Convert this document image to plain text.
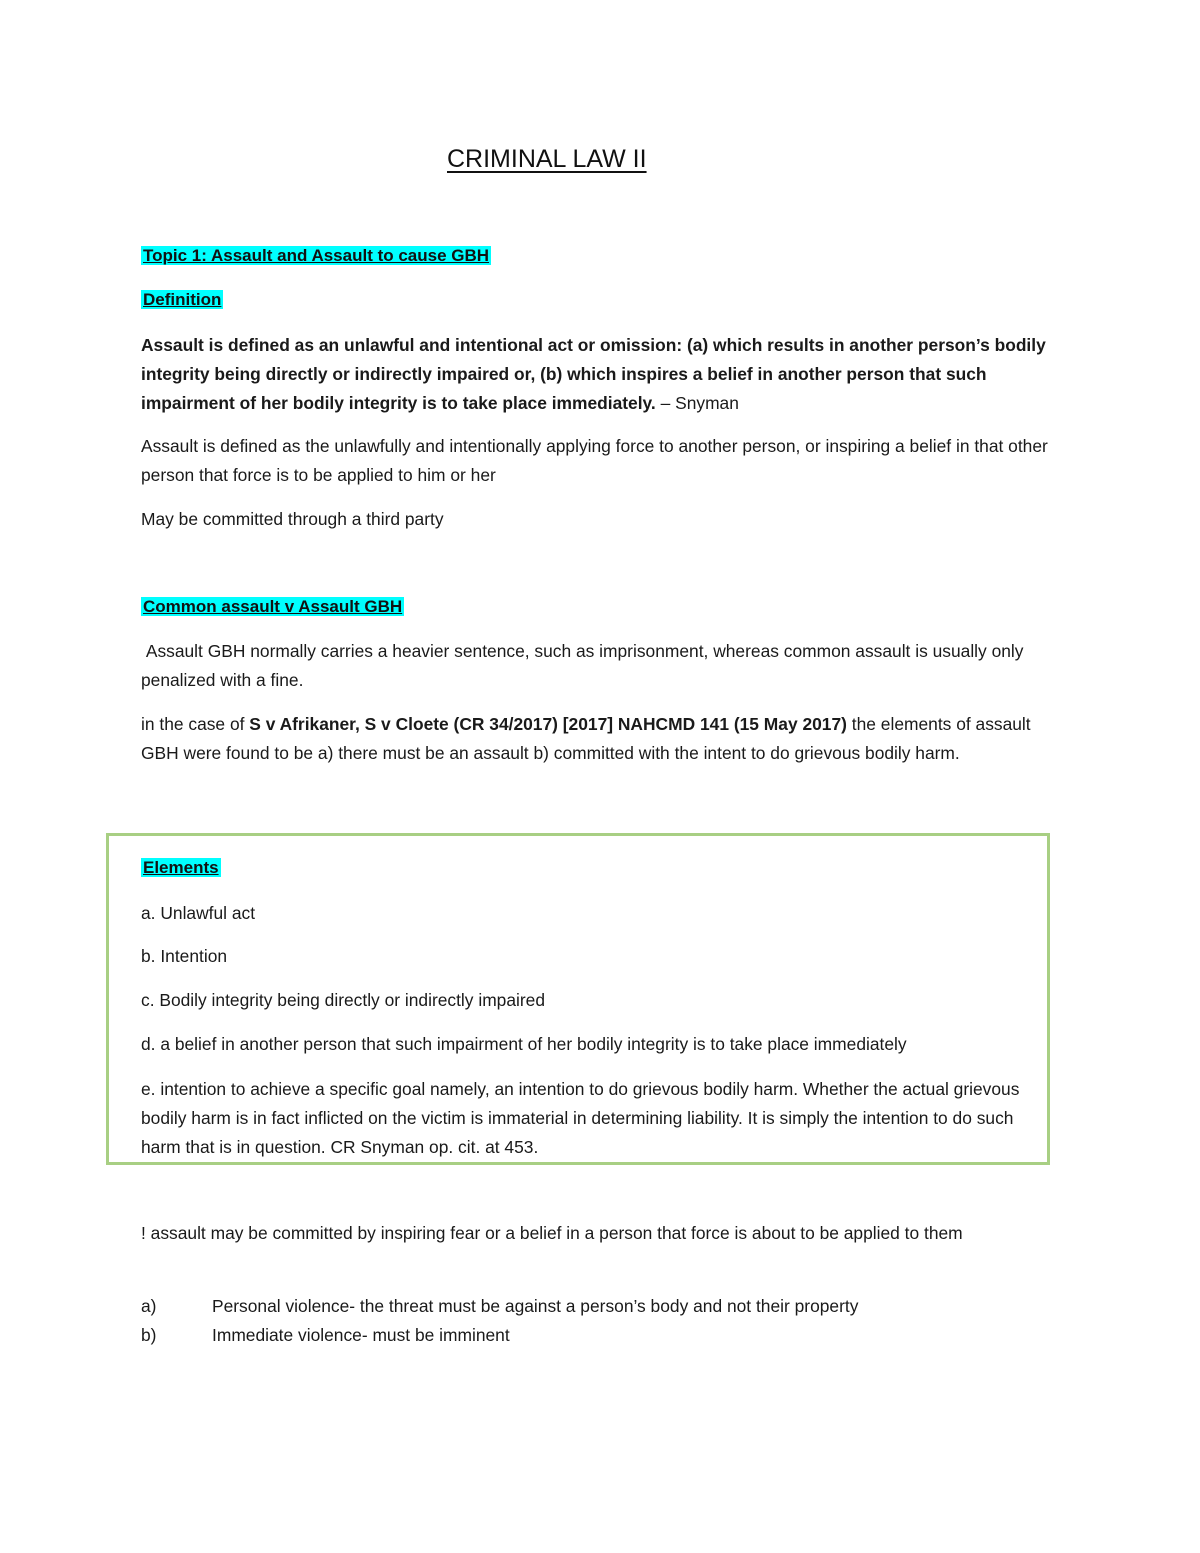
CRIMINAL LAW II
Topic 1: Assault and Assault to cause GBH
Definition
Assault is defined as an unlawful and intentional act or omission: (a) which results in another person’s bodily integrity being directly or indirectly impaired or, (b) which inspires a belief in another person that such impairment of her bodily integrity is to take place immediately. – Snyman
Assault is defined as the unlawfully and intentionally applying force to another person, or inspiring a belief in that other person that force is to be applied to him or her
May be committed through a third party
Common assault v Assault GBH
Assault GBH normally carries a heavier sentence, such as imprisonment, whereas common assault is usually only penalized with a fine.
in the case of S v Afrikaner, S v Cloete (CR 34/2017) [2017] NAHCMD 141 (15 May 2017) the elements of assault GBH were found to be a) there must be an assault b) committed with the intent to do grievous bodily harm.
Elements
a. Unlawful act
b. Intention
c. Bodily integrity being directly or indirectly impaired
d. a belief in another person that such impairment of her bodily integrity is to take place immediately
e. intention to achieve a specific goal namely, an intention to do grievous bodily harm. Whether the actual grievous bodily harm is in fact inflicted on the victim is immaterial in determining liability. It is simply the intention to do such harm that is in question. CR Snyman op. cit. at 453.
! assault may be committed by inspiring fear or a belief in a person that force is about to be applied to them
a)	Personal violence- the threat must be against a person’s body and not their property
b)	Immediate violence- must be imminent
